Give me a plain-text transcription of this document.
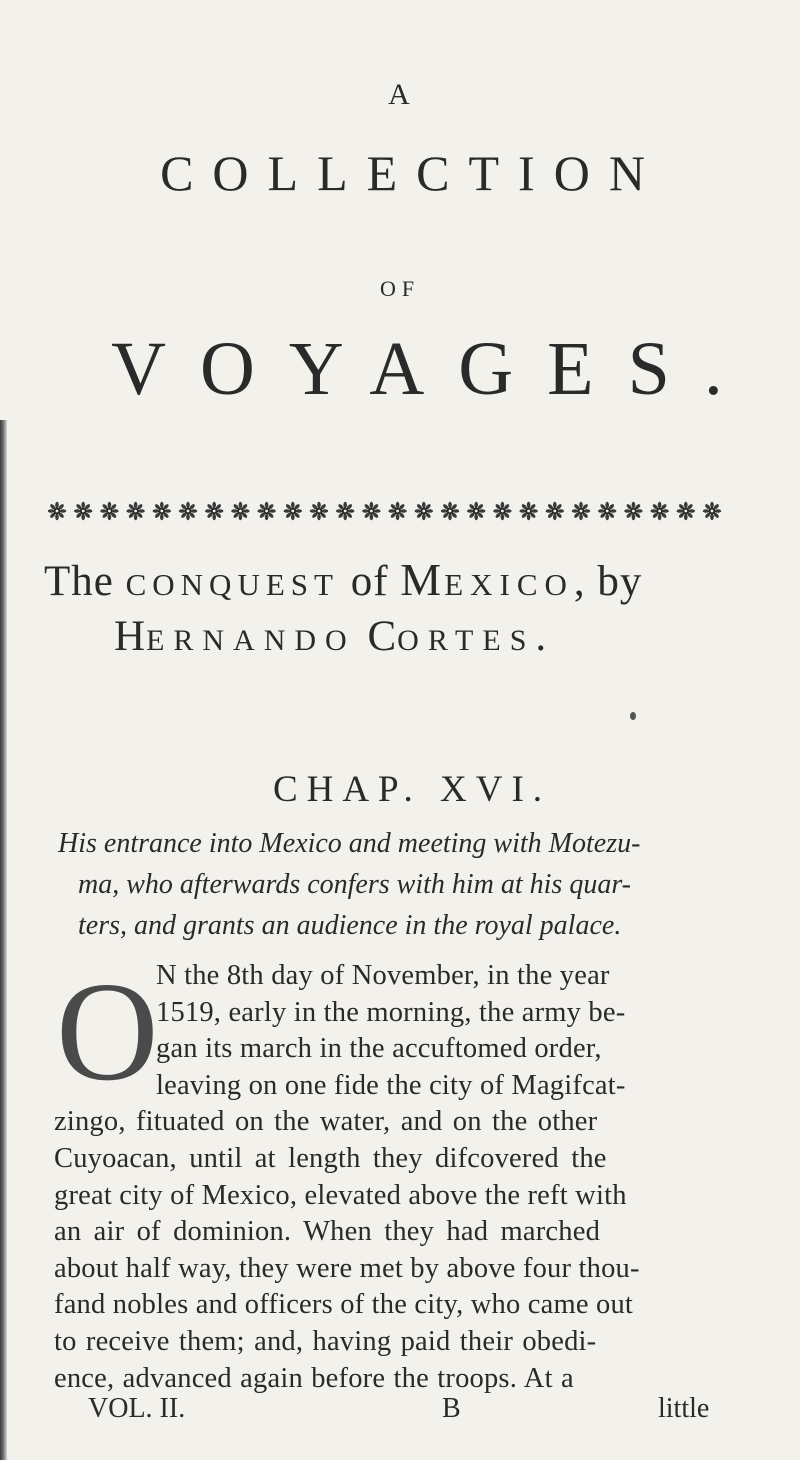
A
COLLECTION
OF
VOYAGES.
The CONQUEST of MEXICO, by
HERNANDO CORTES.
CHAP. XVI.
His entrance into Mexico and meeting with Motezu-
ma, who afterwards confers with him at his quar-
ters, and grants an audience in the royal palace.
O
N the 8th day of November, in the year
1519, early in the morning, the army be-
gan its march in the accuftomed order,
leaving on one fide the city of Magifcat-
zingo, fituated on the water, and on the other
Cuyoacan, until at length they difcovered the
great city of Mexico, elevated above the reft with
an air of dominion. When they had marched
about half way, they were met by above four thou-
fand nobles and officers of the city, who came out
to receive them; and, having paid their obedi-
VOL. II.	B	little
ence, advanced again before the troops. At a
